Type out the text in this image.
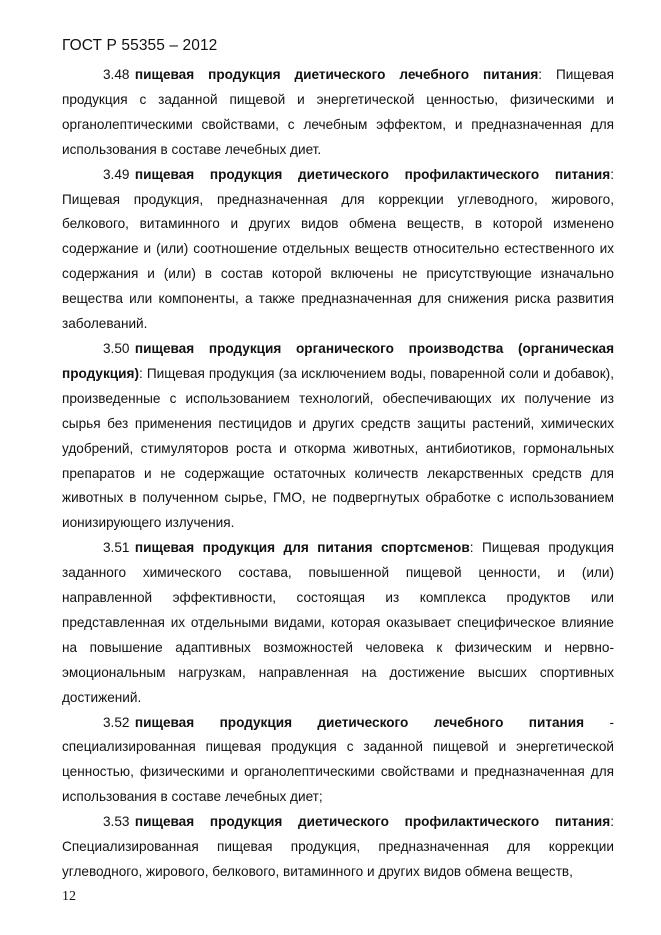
ГОСТ Р 55355 – 2012

3.48 пищевая продукция диетического лечебного питания: Пищевая продукция с заданной пищевой и энергетической ценностью, физическими и органолептическими свойствами, с лечебным эффектом, и предназначенная для использования в составе лечебных диет.

3.49 пищевая продукция диетического профилактического питания: Пищевая продукция, предназначенная для коррекции углеводного, жирового, белкового, витаминного и других видов обмена веществ, в которой изменено содержание и (или) соотношение отдельных веществ относительно естественного их содержания и (или) в состав которой включены не присутствующие изначально вещества или компоненты, а также предназначенная для снижения риска развития заболеваний.

3.50 пищевая продукция органического производства (органическая продукция): Пищевая продукция (за исключением воды, поваренной соли и добавок), произведенные с использованием технологий, обеспечивающих их получение из сырья без применения пестицидов и других средств защиты растений, химических удобрений, стимуляторов роста и откорма животных, антибиотиков, гормональных препаратов и не содержащие остаточных количеств лекарственных средств для животных в полученном сырье, ГМО, не подвергнутых обработке с использованием ионизирующего излучения.

3.51 пищевая продукция для питания спортсменов: Пищевая продукция заданного химического состава, повышенной пищевой ценности, и (или) направленной эффективности, состоящая из комплекса продуктов или представленная их отдельными видами, которая оказывает специфическое влияние на повышение адаптивных возможностей человека к физическим и нервно-эмоциональным нагрузкам, направленная на достижение высших спортивных достижений.

3.52 пищевая продукция диетического лечебного питания - специализированная пищевая продукция с заданной пищевой и энергетической ценностью, физическими и органолептическими свойствами и предназначенная для использования в составе лечебных диет;

3.53 пищевая продукция диетического профилактического питания: Специализированная пищевая продукция, предназначенная для коррекции углеводного, жирового, белкового, витаминного и других видов обмена веществ,

12
